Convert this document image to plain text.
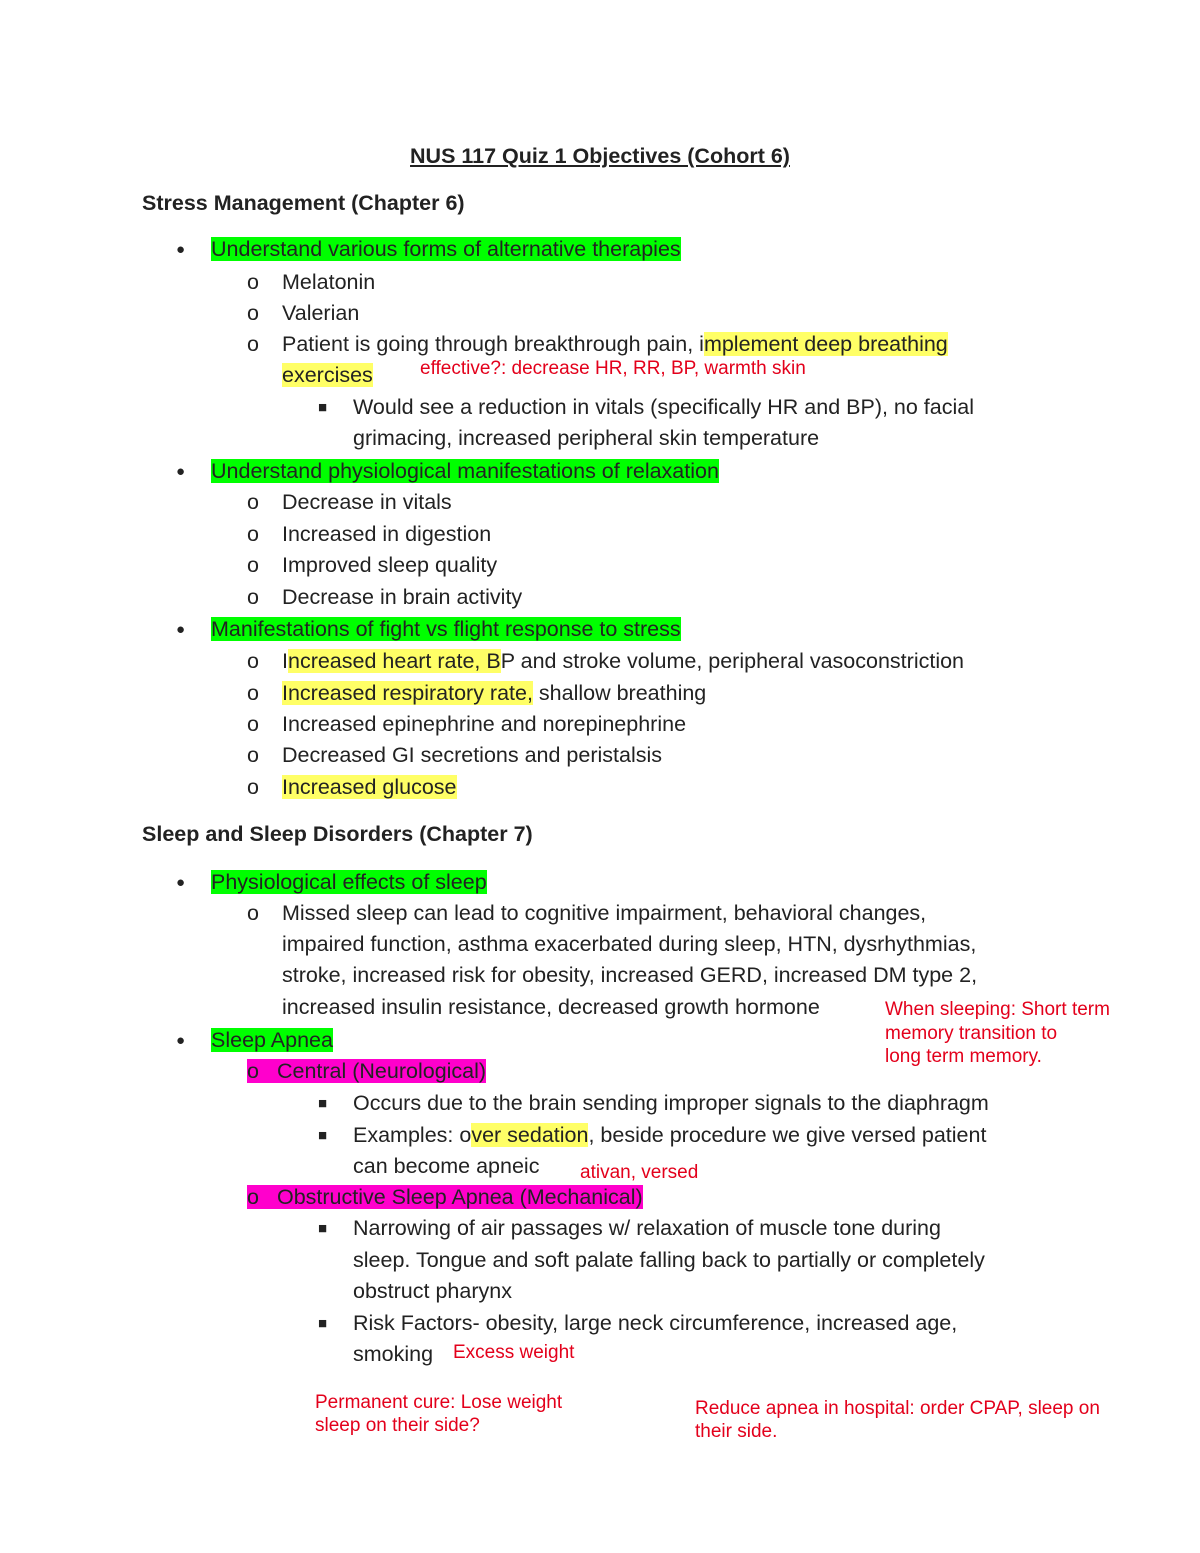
NUS 117 Quiz 1 Objectives (Cohort 6)
Stress Management (Chapter 6)
● Understand various forms of alternative therapies
o Melatonin
o Valerian
o Patient is going through breakthrough pain, implement deep breathing
exercises effective?: decrease HR, RR, BP, warmth skin
■ Would see a reduction in vitals (specifically HR and BP), no facial
grimacing, increased peripheral skin temperature
● Understand physiological manifestations of relaxation
o Decrease in vitals
o Increased in digestion
o Improved sleep quality
o Decrease in brain activity
● Manifestations of fight vs flight response to stress
o Increased heart rate, BP and stroke volume, peripheral vasoconstriction
o Increased respiratory rate, shallow breathing
o Increased epinephrine and norepinephrine
o Decreased GI secretions and peristalsis
o Increased glucose
Sleep and Sleep Disorders (Chapter 7)
● Physiological effects of sleep
o Missed sleep can lead to cognitive impairment, behavioral changes,
impaired function, asthma exacerbated during sleep, HTN, dysrhythmias,
stroke, increased risk for obesity, increased GERD, increased DM type 2,
increased insulin resistance, decreased growth hormone	When sleeping: Short term
memory transition to
long term memory.
● Sleep Apnea
o Central (Neurological)
■ Occurs due to the brain sending improper signals to the diaphragm
■ Examples: over sedation, beside procedure we give versed patient
can become apneic ativan, versed
o Obstructive Sleep Apnea (Mechanical)
■ Narrowing of air passages w/ relaxation of muscle tone during
sleep. Tongue and soft palate falling back to partially or completely
obstruct pharynx
■ Risk Factors- obesity, large neck circumference, increased age,
smoking Excess weight
Permanent cure: Lose weight
sleep on their side?
Reduce apnea in hospital: order CPAP, sleep on
their side.
